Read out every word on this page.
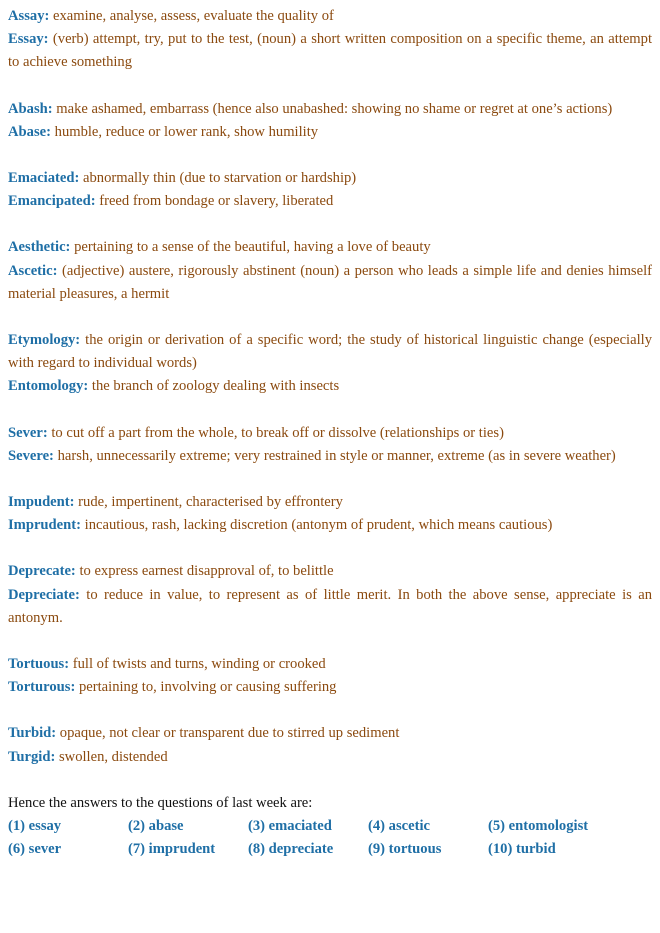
Assay: examine, analyse, assess, evaluate the quality of

Essay: (verb) attempt, try, put to the test, (noun) a short written composition on a specific theme, an attempt to achieve something

Abash: make ashamed, embarrass (hence also unabashed: showing no shame or regret at one’s actions)

Abase: humble, reduce or lower rank, show humility

Emaciated: abnormally thin (due to starvation or hardship)

Emancipated: freed from bondage or slavery, liberated

Aesthetic: pertaining to a sense of the beautiful, having a love of beauty

Ascetic: (adjective) austere, rigorously abstinent (noun) a person who leads a simple life and denies himself material pleasures, a hermit

Etymology: the origin or derivation of a specific word; the study of historical linguistic change (especially with regard to individual words)

Entomology: the branch of zoology dealing with insects

Sever: to cut off a part from the whole, to break off or dissolve (relationships or ties)

Severe: harsh, unnecessarily extreme; very restrained in style or manner, extreme (as in severe weather)

Impudent: rude, impertinent, characterised by effrontery

Imprudent: incautious, rash, lacking discretion (antonym of prudent, which means cautious)

Deprecate: to express earnest disapproval of, to belittle

Depreciate: to reduce in value, to represent as of little merit. In both the above sense, appreciate is an antonym.

Tortuous: full of twists and turns, winding or crooked

Torturous: pertaining to, involving or causing suffering

Turbid: opaque, not clear or transparent due to stirred up sediment

Turgid: swollen, distended

Hence the answers to the questions of last week are:

(1) essay	(2) abase	(3) emaciated	(4) ascetic	(5) entomologist
(6) sever	(7) imprudent	(8) depreciate	(9) tortuous	(10) turbid
